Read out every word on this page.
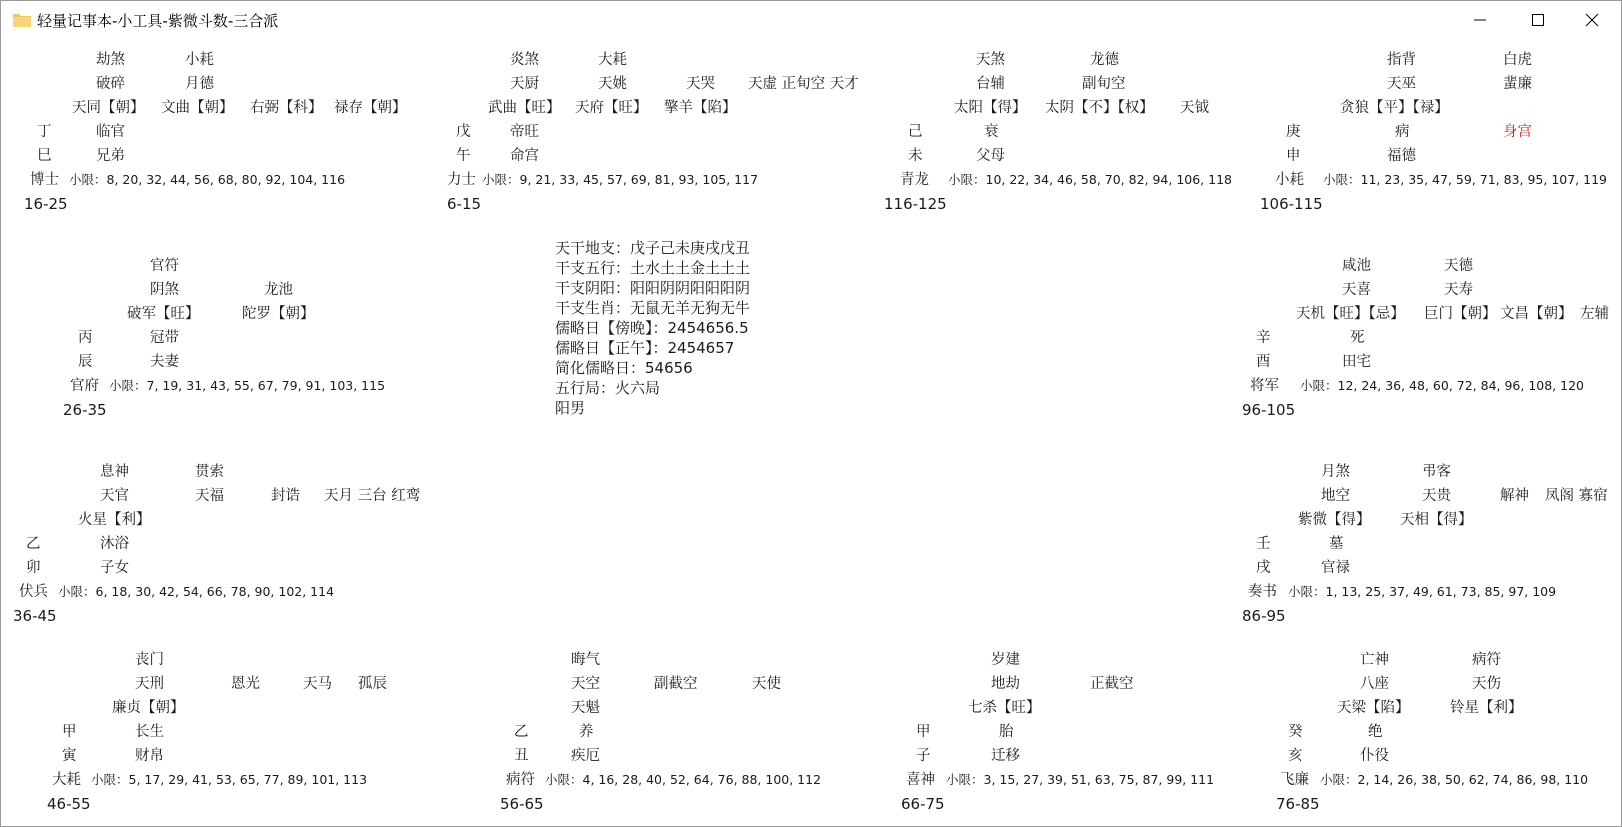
轻量记事本-小工具-紫微斗数-三合派
劫煞	小耗
破碎	月德
天同【朝】 文曲【朝】 右弼【科】 禄存【朝】
丁	临官
巳	兄弟
博士 小限：8, 20, 32, 44, 56, 68, 80, 92, 104, 116
16-25
炎煞	大耗
天厨	天姚	天哭 天虚 正旬空 天才
武曲【旺】 天府【旺】 擎羊【陷】
戊	帝旺
午	命宫
力士 小限：9, 21, 33, 45, 57, 69, 81, 93, 105, 117
6-15
天煞	龙德
台辅	副旬空
太阳【得】 太阴【不】【权】 天钺
己	衰
未	父母
青龙 小限：10, 22, 34, 46, 58, 70, 82, 94, 106, 118
116-125
指背	白虎
天巫	蜚廉
贪狼【平】【禄】
庚	病	身宫
申	福德
小耗 小限：11, 23, 35, 47, 59, 71, 83, 95, 107, 119
106-115
官符
阴煞	龙池
破军【旺】	陀罗【朝】
丙	冠带
辰	夫妻
官府 小限：7, 19, 31, 43, 55, 67, 79, 91, 103, 115
26-35
咸池	天德
天喜	天寿
天机【旺】【忌】 巨门【朝】 文昌【朝】 左辅
辛	死
酉	田宅
将军 小限：12, 24, 36, 48, 60, 72, 84, 96, 108, 120
96-105
息神	贯索
天官	天福	封诰 天月 三台 红鸾
火星【利】
乙	沐浴
卯	子女
伏兵 小限：6, 18, 30, 42, 54, 66, 78, 90, 102, 114
36-45
月煞	弔客
地空	天贵	解神 凤阁 寡宿
紫微【得】 天相【得】
壬	墓
戌	官禄
奏书 小限：1, 13, 25, 37, 49, 61, 73, 85, 97, 109
86-95
丧门
天刑	恩光	天马 孤辰
廉贞【朝】
甲	长生
寅	财帛
大耗 小限：5, 17, 29, 41, 53, 65, 77, 89, 101, 113
46-55
晦气
天空	副截空	天使
天魁
乙	养
丑	疾厄
病符 小限：4, 16, 28, 40, 52, 64, 76, 88, 100, 112
56-65
岁建
地劫	正截空
七杀【旺】
甲	胎
子	迁移
喜神 小限：3, 15, 27, 39, 51, 63, 75, 87, 99, 111
66-75
亡神	病符
八座	天伤
天梁【陷】	铃星【利】
癸	绝
亥	仆役
飞廉 小限：2, 14, 26, 38, 50, 62, 74, 86, 98, 110
76-85
天干地支：戊子己未庚戌戊丑
干支五行：土水土土金土土土
干支阴阳：阳阳阴阴阳阳阳阴
干支生肖：无鼠无羊无狗无牛
儒略日【傍晚】：2454656.5
儒略日【正午】：2454657
简化儒略日：54656
五行局：火六局
阳男
